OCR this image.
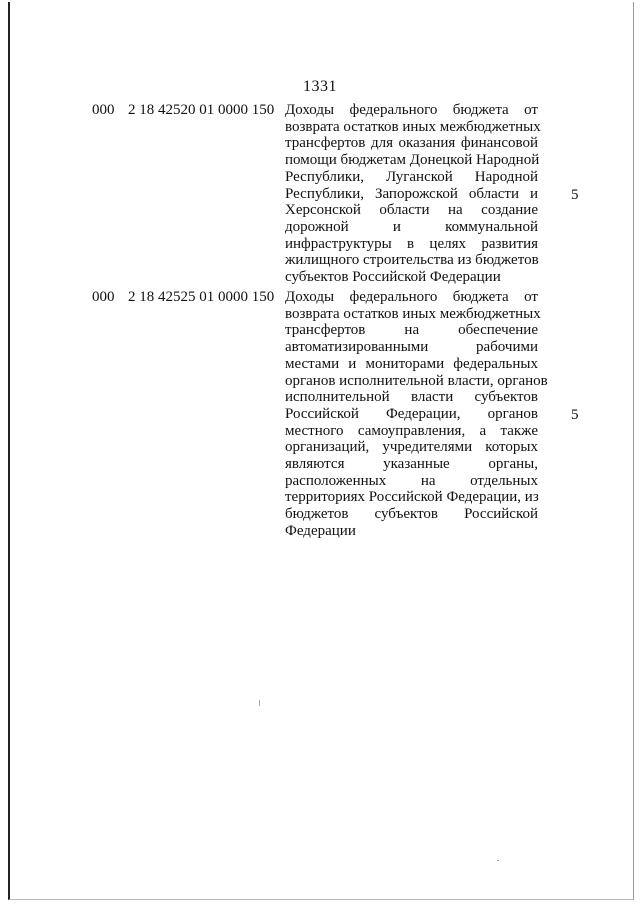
1331
000 2 18 42520 01 0000 150 Доходы федерального бюджета от
возврата остатков иных межбюджетных
трансфертов для оказания финансовой
помощи бюджетам Донецкой Народной
Республики, Луганской Народной
Республики, Запорожской области и
Херсонской области на создание
дорожной и коммунальной
инфраструктуры в целях развития
жилищного строительства из бюджетов
субъектов Российской Федерации
5
000 2 18 42525 01 0000 150 Доходы федерального бюджета от
возврата остатков иных межбюджетных
трансфертов на обеспечение
автоматизированными рабочими
местами и мониторами федеральных
органов исполнительной власти, органов
исполнительной власти субъектов
Российской Федерации, органов
местного самоуправления, а также
организаций, учредителями которых
являются указанные органы,
расположенных на отдельных
территориях Российской Федерации, из
бюджетов субъектов Российской
Федерации
5
